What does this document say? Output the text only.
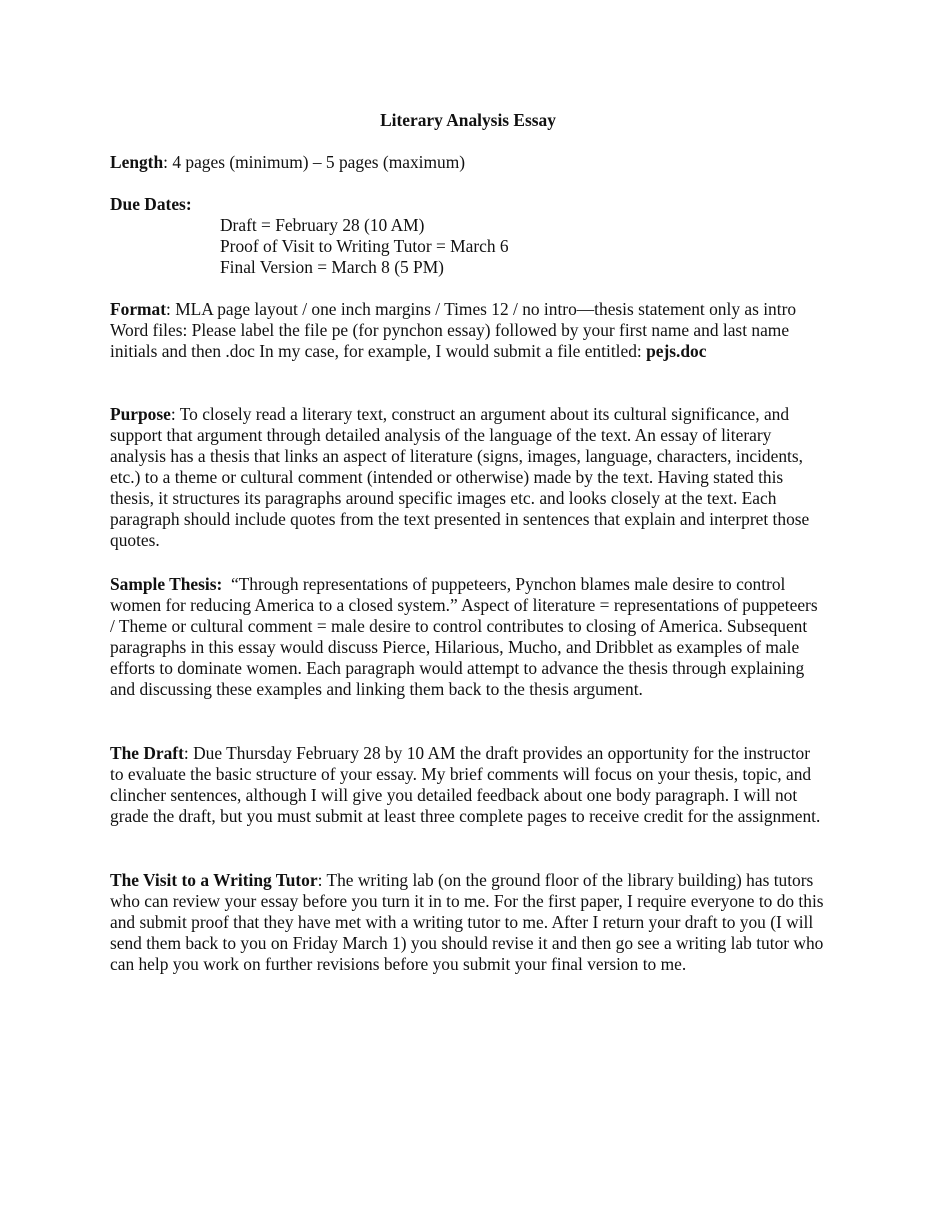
Literary Analysis Essay

Length: 4 pages (minimum) – 5 pages (maximum)

Due Dates:

Draft = February 28 (10 AM)
Proof of Visit to Writing Tutor = March 6
Final Version = March 8 (5 PM)

Format: MLA page layout / one inch margins / Times 12 / no intro—thesis statement only as intro
Word files: Please label the file pe (for pynchon essay) followed by your first name and last name initials and then .doc In my case, for example, I would submit a file entitled: pejs.doc

Purpose: To closely read a literary text, construct an argument about its cultural significance, and support that argument through detailed analysis of the language of the text. An essay of literary analysis has a thesis that links an aspect of literature (signs, images, language, characters, incidents, etc.) to a theme or cultural comment (intended or otherwise) made by the text. Having stated this thesis, it structures its paragraphs around specific images etc. and looks closely at the text. Each paragraph should include quotes from the text presented in sentences that explain and interpret those quotes.

Sample Thesis:  “Through representations of puppeteers, Pynchon blames male desire to control women for reducing America to a closed system.” Aspect of literature = representations of puppeteers / Theme or cultural comment = male desire to control contributes to closing of America. Subsequent paragraphs in this essay would discuss Pierce, Hilarious, Mucho, and Dribblet as examples of male efforts to dominate women. Each paragraph would attempt to advance the thesis through explaining and discussing these examples and linking them back to the thesis argument.

The Draft: Due Thursday February 28 by 10 AM the draft provides an opportunity for the instructor to evaluate the basic structure of your essay. My brief comments will focus on your thesis, topic, and clincher sentences, although I will give you detailed feedback about one body paragraph. I will not grade the draft, but you must submit at least three complete pages to receive credit for the assignment.

The Visit to a Writing Tutor: The writing lab (on the ground floor of the library building) has tutors who can review your essay before you turn it in to me. For the first paper, I require everyone to do this and submit proof that they have met with a writing tutor to me. After I return your draft to you (I will send them back to you on Friday March 1) you should revise it and then go see a writing lab tutor who can help you work on further revisions before you submit your final version to me.
